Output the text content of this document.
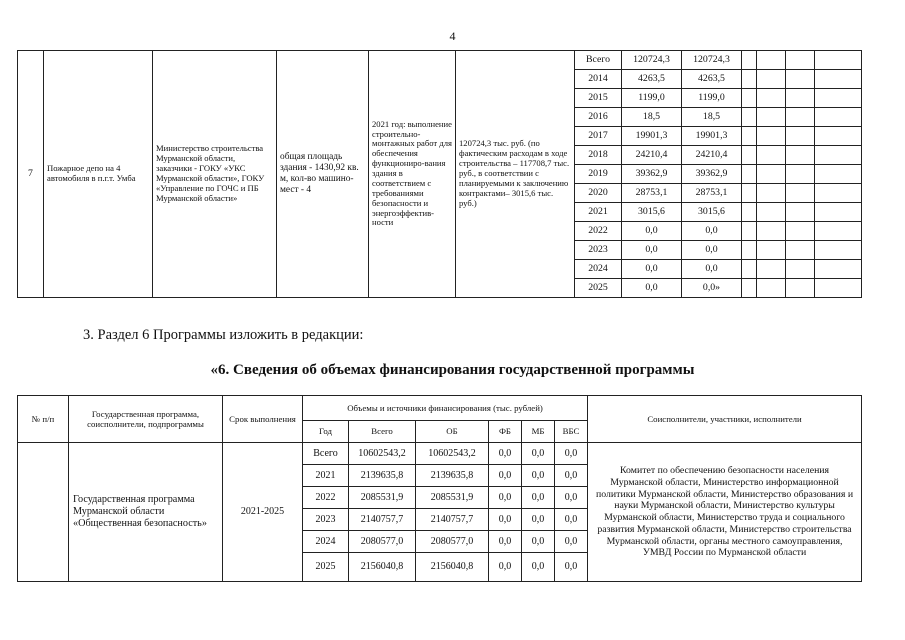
4
7	Пожарное депо на 4 автомобиля в п.г.т. Умба	Министерство строительства Мурманской области, заказчики - ГОКУ «УКС Мурманской области», ГОКУ «Управление по ГОЧС и ПБ Мурманской области»	общая площадь здания - 1430,92 кв. м, кол-во машино-мест - 4	2021 год: выполнение строительно-монтажных работ для обеспечения функциониро-вания здания в соответствием с требованиями безопасности и энергоэффектив-ности	120724,3 тыс. руб. (по фактическим расходам в ходе строительства – 117708,7 тыс. руб., в соответствии с планируемыми к заключению контрактами– 3015,6 тыс. руб.)	Всего	120724,3	120724,3				
						2014	4263,5	4263,5				
						2015	1199,0	1199,0				
						2016	18,5	18,5				
						2017	19901,3	19901,3				
						2018	24210,4	24210,4				
						2019	39362,9	39362,9				
						2020	28753,1	28753,1				
						2021	3015,6	3015,6				
						2022	0,0	0,0				
						2023	0,0	0,0				
						2024	0,0	0,0				
						2025	0,0	0,0»				
3. Раздел 6 Программы изложить в редакции:
«6. Сведения об объемах финансирования государственной программы
№ п/п	Государственная программа, соисполнители, подпрограммы	Срок выполнения	Объемы и источники финансирования (тыс. рублей)						Соисполнители, участники, исполнители
			Год	Всего	ОБ	ФБ	МБ	ВБС	
	Государственная программа Мурманской области «Общественная безопасность»	2021-2025	Всего	10602543,2	10602543,2	0,0	0,0	0,0	Комитет по обеспечению безопасности населения Мурманской области, Министерство информационной политики Мурманской области, Министерство образования и науки Мурманской области, Министерство культуры Мурманской области, Министерство труда и социального развития Мурманской области, Министерство строительства Мурманской области, органы местного самоуправления, УМВД России по Мурманской области
			2021	2139635,8	2139635,8	0,0	0,0	0,0	
			2022	2085531,9	2085531,9	0,0	0,0	0,0	
			2023	2140757,7	2140757,7	0,0	0,0	0,0	
			2024	2080577,0	2080577,0	0,0	0,0	0,0	
			2025	2156040,8	2156040,8	0,0	0,0	0,0	
